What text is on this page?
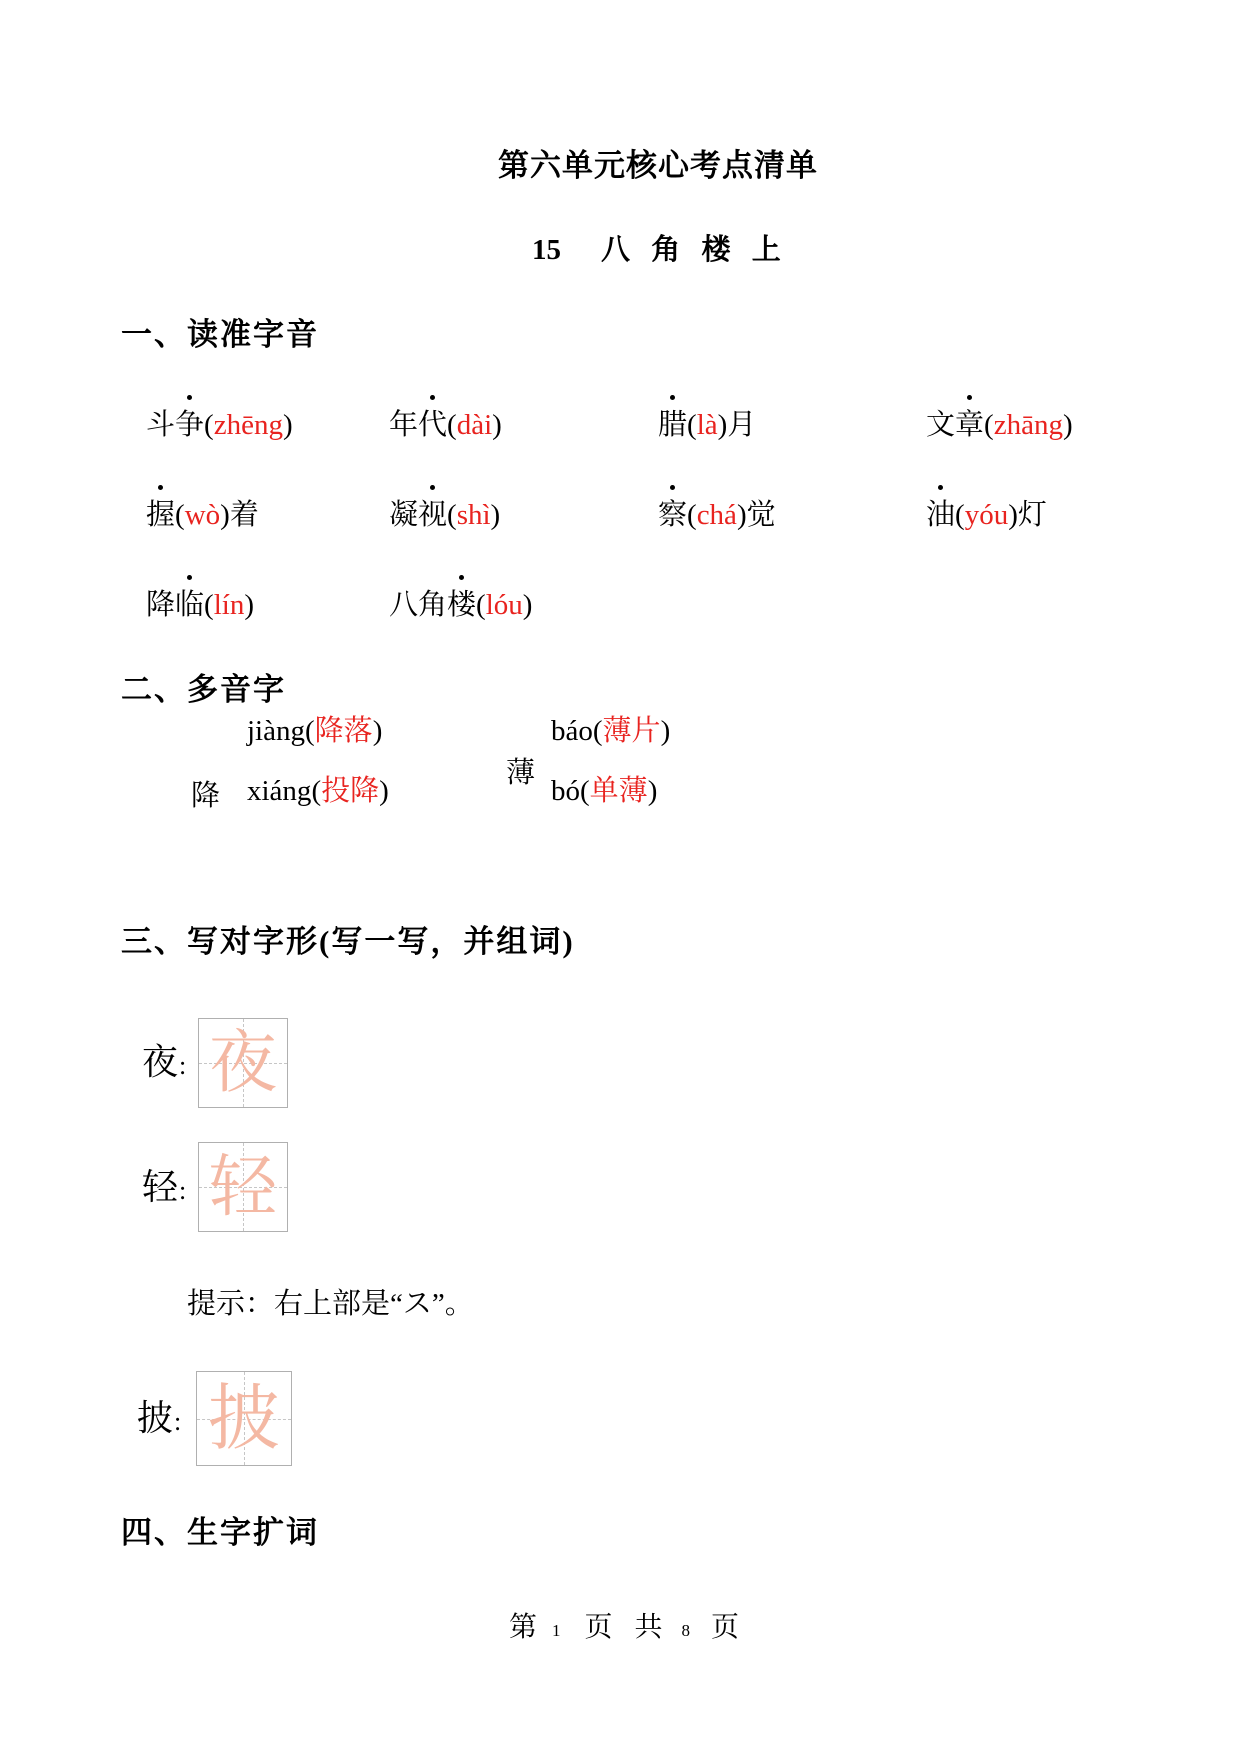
第六单元核心考点清单
15 八 角 楼 上
一、读准字音
斗争(zhēng)	年代(dài)	腊(là)月	文章(zhāng)
握(wò)着	凝视(shì)	察(chá)觉	油(yóu)灯
降临(lín)	八角楼(lóu)
二、多音字
降
jiàng(降落)
xiáng(投降)
薄
báo(薄片)
bó(单薄)
三、写对字形(写一写，并组词)
夜: 夜
轻: 轻
提示：右上部是“ス”。
披: 披
四、生字扩词
第 1 页 共 8 页
